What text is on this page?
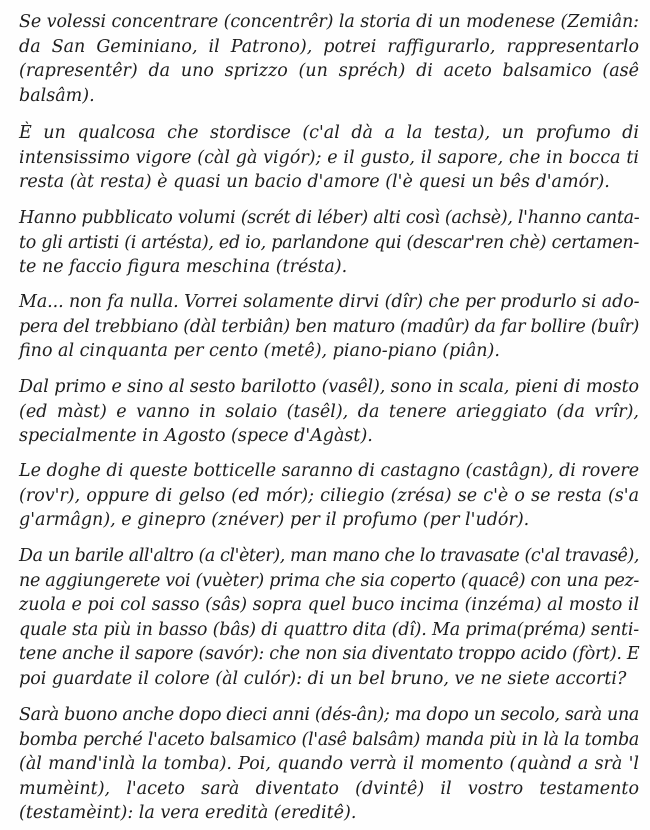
Se volessi concentrare (concentrêr) la storia di un modenese (Zemiân:
da San Geminiano, il Patrono), potrei raffigurarlo, rappresentarlo
(rapresentêr) da uno sprizzo (un spréch) di aceto balsamico (asê
balsâm).
È un qualcosa che stordisce (c'al dà a la testa), un profumo di
intensissimo vigore (càl gà vigór); e il gusto, il sapore, che in bocca ti
resta (àt resta) è quasi un bacio d'amore (l'è quesi un bês d'amór).
Hanno pubblicato volumi (scrét di léber) alti così (achsè), l'hanno canta-
to gli artisti (i artésta), ed io, parlandone qui (descar'ren chè) certamen-
te ne faccio figura meschina (trésta).
Ma... non fa nulla. Vorrei solamente dirvi (dîr) che per produrlo si ado-
pera del trebbiano (dàl terbiân) ben maturo (madûr) da far bollire (buîr)
fino al cinquanta per cento (metê), piano-piano (piân).
Dal primo e sino al sesto barilotto (vasêl), sono in scala, pieni di mosto
(ed màst) e vanno in solaio (tasêl), da tenere arieggiato (da vrîr),
specialmente in Agosto (spece d'Agàst).
Le doghe di queste botticelle saranno di castagno (castâgn), di rovere
(rov'r), oppure di gelso (ed mór); ciliegio (zrésa) se c'è o se resta (s'a
g'armâgn), e ginepro (znéver) per il profumo (per l'udór).
Da un barile all'altro (a cl'èter), man mano che lo travasate (c'al travasê),
ne aggiungerete voi (vuèter) prima che sia coperto (quacê) con una pez-
zuola e poi col sasso (sâs) sopra quel buco incima (inzéma) al mosto il
quale sta più in basso (bâs) di quattro dita (dî). Ma prima(préma) senti-
tene anche il sapore (savór): che non sia diventato troppo acido (fòrt). E
poi guardate il colore (àl culór): di un bel bruno, ve ne siete accorti?
Sarà buono anche dopo dieci anni (dés-ân); ma dopo un secolo, sarà una
bomba perché l'aceto balsamico (l'asê balsâm) manda più in là la tomba
(àl mand'inlà la tomba). Poi, quando verrà il momento (quànd a srà 'l
mumèint), l'aceto sarà diventato (dvintê) il vostro testamento
(testamèint): la vera eredità (ereditê).
